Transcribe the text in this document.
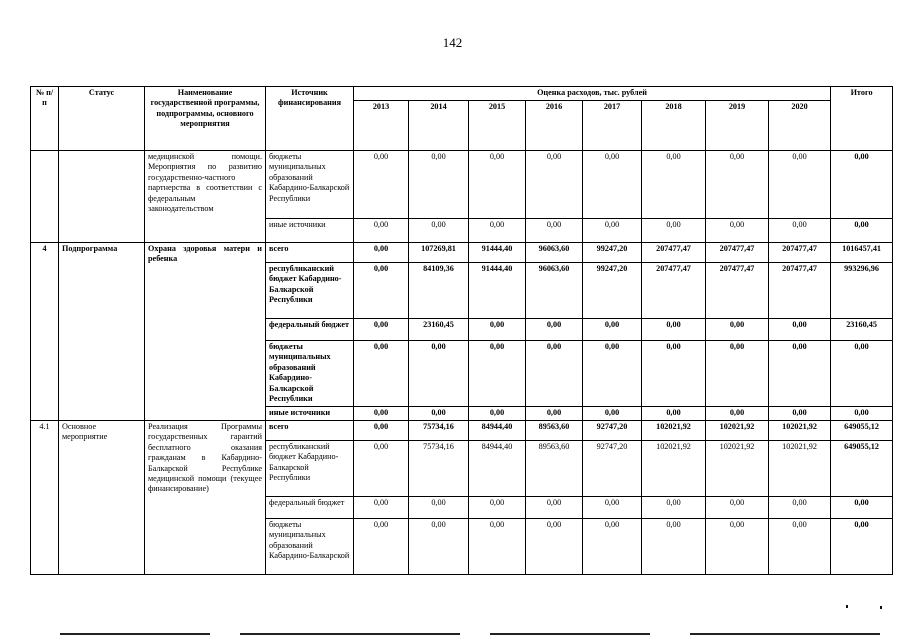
142
№ п/п	Статус	Наименование государственной программы, подпрограммы, основного мероприятия	Источник финансирования	Оценка расходов, тыс. рублей								Итого
				2013	2014	2015	2016	2017	2018	2019	2020	
		медицинской помощи. Мероприятия по развитию государственно-частного партнерства в соответствии с федеральным законодательством	бюджеты муниципальных образований Кабардино-Балкарской Республики	0,00	0,00	0,00	0,00	0,00	0,00	0,00	0,00	0,00
			иные источники	0,00	0,00	0,00	0,00	0,00	0,00	0,00	0,00	0,00
4	Подпрограмма	Охрана здоровья матери и ребенка	всего	0,00	107269,81	91444,40	96063,60	99247,20	207477,47	207477,47	207477,47	1016457,41
			республиканский бюджет Кабардино-Балкарской Республики	0,00	84109,36	91444,40	96063,60	99247,20	207477,47	207477,47	207477,47	993296,96
			федеральный бюджет	0,00	23160,45	0,00	0,00	0,00	0,00	0,00	0,00	23160,45
			бюджеты муниципальных образований Кабардино-Балкарской Республики	0,00	0,00	0,00	0,00	0,00	0,00	0,00	0,00	0,00
			иные источники	0,00	0,00	0,00	0,00	0,00	0,00	0,00	0,00	0,00
4.1	Основное мероприятие	Реализация Программы государственных гарантий бесплатного оказания гражданам в Кабардино-Балкарской Республике медицинской помощи (текущее финансирование)	всего	0,00	75734,16	84944,40	89563,60	92747,20	102021,92	102021,92	102021,92	649055,12
			республиканский бюджет Кабардино-Балкарской Республики	0,00	75734,16	84944,40	89563,60	92747,20	102021,92	102021,92	102021,92	649055,12
			федеральный бюджет	0,00	0,00	0,00	0,00	0,00	0,00	0,00	0,00	0,00
			бюджеты муниципальных образований Кабардино-Балкарской	0,00	0,00	0,00	0,00	0,00	0,00	0,00	0,00	0,00
